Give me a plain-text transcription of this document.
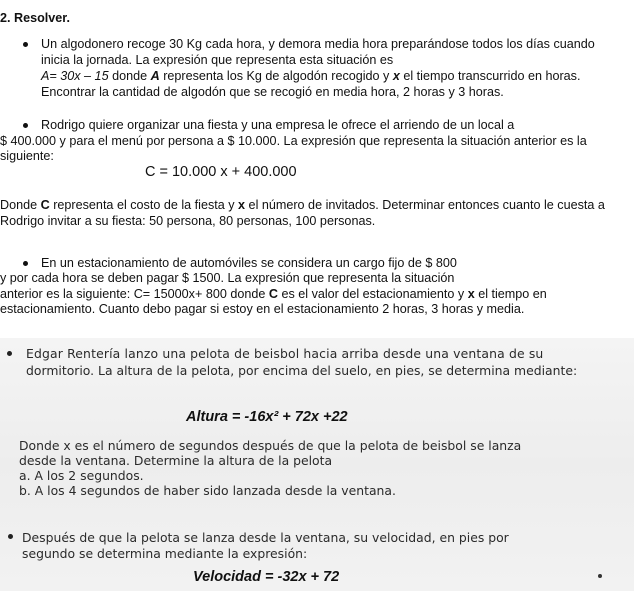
2. Resolver.
Un algodonero recoge 30 Kg cada hora, y demora media hora preparándose todos los días cuando
inicia la jornada. La expresión que representa esta situación es
A= 30x – 15 donde A representa los Kg de algodón recogido y x el tiempo transcurrido en horas.
Encontrar la cantidad de algodón que se recogió en media hora, 2 horas y 3 horas.
Rodrigo quiere organizar una fiesta y una empresa le ofrece el arriendo de un local a
$ 400.000 y para el menú por persona a $ 10.000. La expresión que representa la situación anterior es la
siguiente:
C = 10.000 x + 400.000
Donde C representa el costo de la fiesta y x el número de invitados. Determinar entonces cuanto le cuesta a
Rodrigo invitar a su fiesta: 50 persona, 80 personas, 100 personas.
En un estacionamiento de automóviles se considera un cargo fijo de $ 800
y por cada hora se deben pagar $ 1500. La expresión que representa la situación
anterior es la siguiente: C= 15000x+ 800 donde C es el valor del estacionamiento y x el tiempo en
estacionamiento. Cuanto debo pagar si estoy en el estacionamiento 2 horas, 3 horas y media.
Edgar Rentería lanzo una pelota de beisbol hacia arriba desde una ventana de su
dormitorio. La altura de la pelota, por encima del suelo, en pies, se determina mediante:
Altura = -16x² + 72x +22
Donde x es el número de segundos después de que la pelota de beisbol se lanza
desde la ventana. Determine la altura de la pelota
a. A los 2 segundos.
b. A los 4 segundos de haber sido lanzada desde la ventana.
Después de que la pelota se lanza desde la ventana, su velocidad, en pies por
segundo se determina mediante la expresión:
Velocidad = -32x + 72
